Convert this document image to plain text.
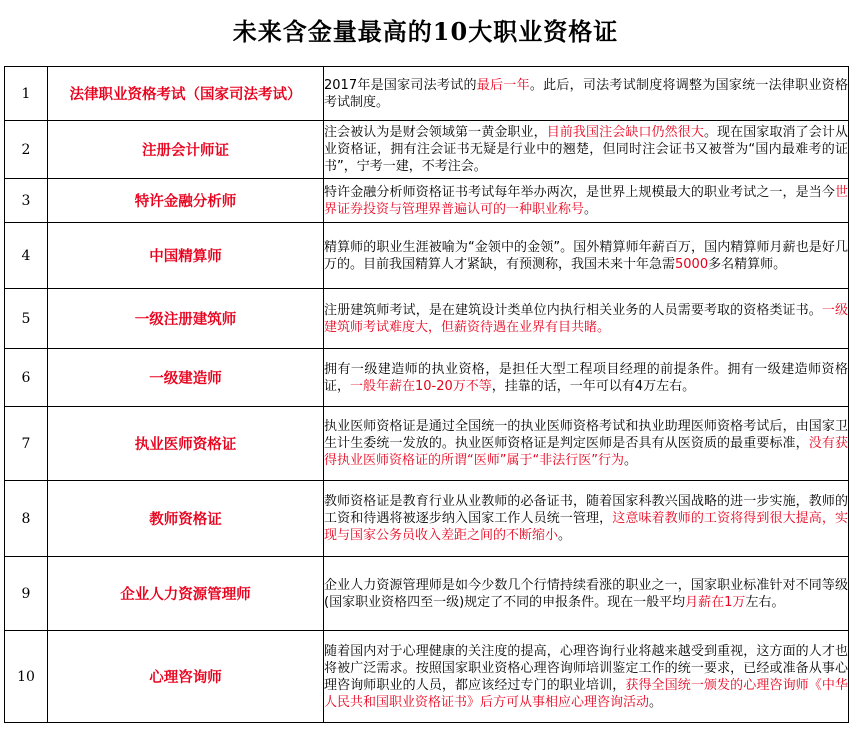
未来含金量最高的10大职业资格证
1	法律职业资格考试（国家司法考试）	2017年是国家司法考试的最后一年。此后，司法考试制度将调整为国家统一法律职业资格考试制度。
2	注册会计师证	注会被认为是财会领域第一黄金职业，目前我国注会缺口仍然很大。现在国家取消了会计从业资格证，拥有注会证书无疑是行业中的翘楚，但同时注会证书又被誉为“国内最难考的证书”，宁考一建，不考注会。
3	特许金融分析师	特许金融分析师资格证书考试每年举办两次，是世界上规模最大的职业考试之一，是当今世界证券投资与管理界普遍认可的一种职业称号。
4	中国精算师	精算师的职业生涯被喻为“金领中的金领”。国外精算师年薪百万，国内精算师月薪也是好几万的。目前我国精算人才紧缺，有预测称，我国未来十年急需5000多名精算师。
5	一级注册建筑师	注册建筑师考试，是在建筑设计类单位内执行相关业务的人员需要考取的资格类证书。一级建筑师考试难度大，但薪资待遇在业界有目共睹。
6	一级建造师	拥有一级建造师的执业资格，是担任大型工程项目经理的前提条件。拥有一级建造师资格证，一般年薪在10-20万不等，挂靠的话，一年可以有4万左右。
7	执业医师资格证	执业医师资格证是通过全国统一的执业医师资格考试和执业助理医师资格考试后，由国家卫生计生委统一发放的。执业医师资格证是判定医师是否具有从医资质的最重要标准，没有获得执业医师资格证的所谓“医师”属于“非法行医”行为。
8	教师资格证	教师资格证是教育行业从业教师的必备证书，随着国家科教兴国战略的进一步实施，教师的工资和待遇将被逐步纳入国家工作人员统一管理，这意味着教师的工资将得到很大提高，实现与国家公务员收入差距之间的不断缩小。
9	企业人力资源管理师	企业人力资源管理师是如今少数几个行情持续看涨的职业之一，国家职业标准针对不同等级(国家职业资格四至一级)规定了不同的申报条件。现在一般平均月薪在1万左右。
10	心理咨询师	随着国内对于心理健康的关注度的提高，心理咨询行业将越来越受到重视，这方面的人才也将被广泛需求。按照国家职业资格心理咨询师培训鉴定工作的统一要求，已经或准备从事心理咨询师职业的人员，都应该经过专门的职业培训，获得全国统一颁发的心理咨询师《中华人民共和国职业资格证书》后方可从事相应心理咨询活动。
